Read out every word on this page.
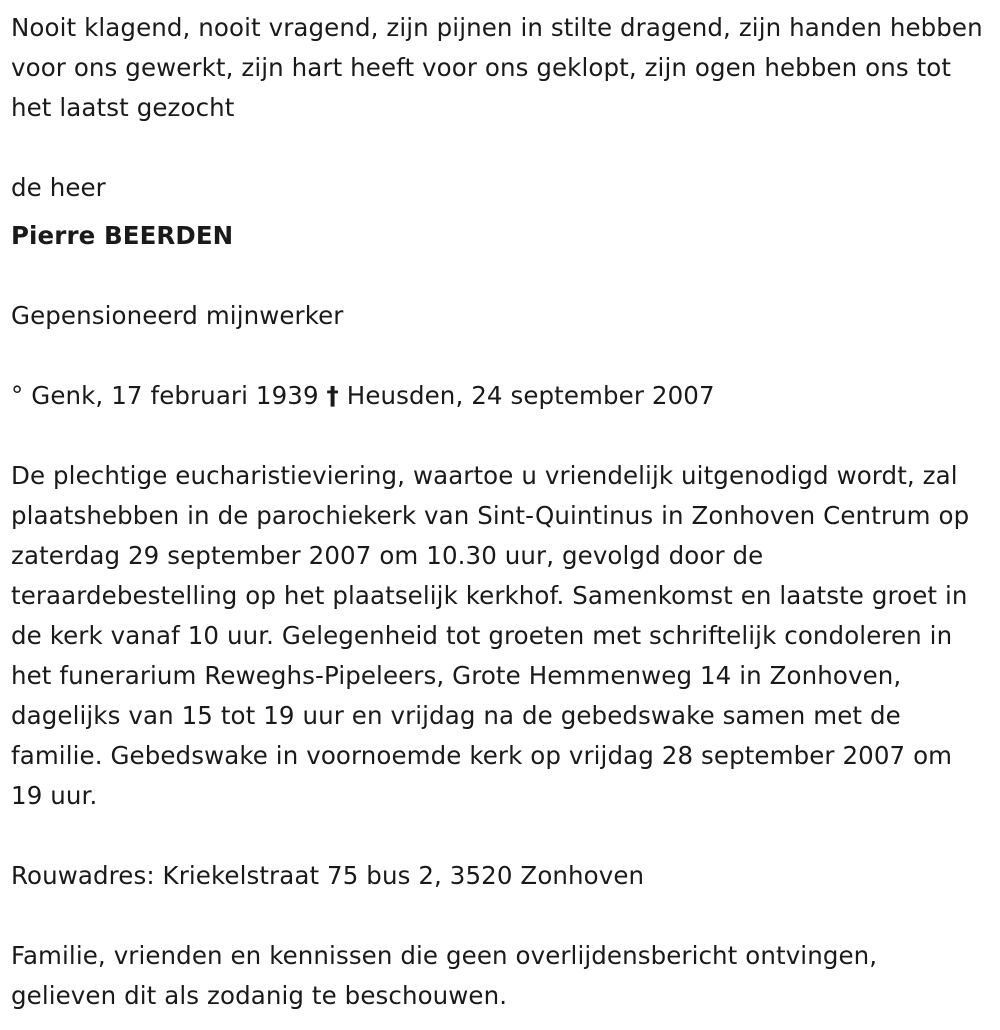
Nooit klagend, nooit vragend, zijn pijnen in stilte dragend, zijn handen hebben voor ons gewerkt, zijn hart heeft voor ons geklopt, zijn ogen hebben ons tot het laatst gezocht

de heer

Pierre BEERDEN

Gepensioneerd mijnwerker

° Genk, 17 februari 1939 † Heusden, 24 september 2007

De plechtige eucharistieviering, waartoe u vriendelijk uitgenodigd wordt, zal plaatshebben in de parochiekerk van Sint-Quintinus in Zonhoven Centrum op zaterdag 29 september 2007 om 10.30 uur, gevolgd door de teraardebestelling op het plaatselijk kerkhof. Samenkomst en laatste groet in de kerk vanaf 10 uur. Gelegenheid tot groeten met schriftelijk condoleren in het funerarium Reweghs-Pipeleers, Grote Hemmenweg 14 in Zonhoven, dagelijks van 15 tot 19 uur en vrijdag na de gebedswake samen met de familie. Gebedswake in voornoemde kerk op vrijdag 28 september 2007 om 19 uur.

Rouwadres: Kriekelstraat 75 bus 2, 3520 Zonhoven

Familie, vrienden en kennissen die geen overlijdensbericht ontvingen, gelieven dit als zodanig te beschouwen.
